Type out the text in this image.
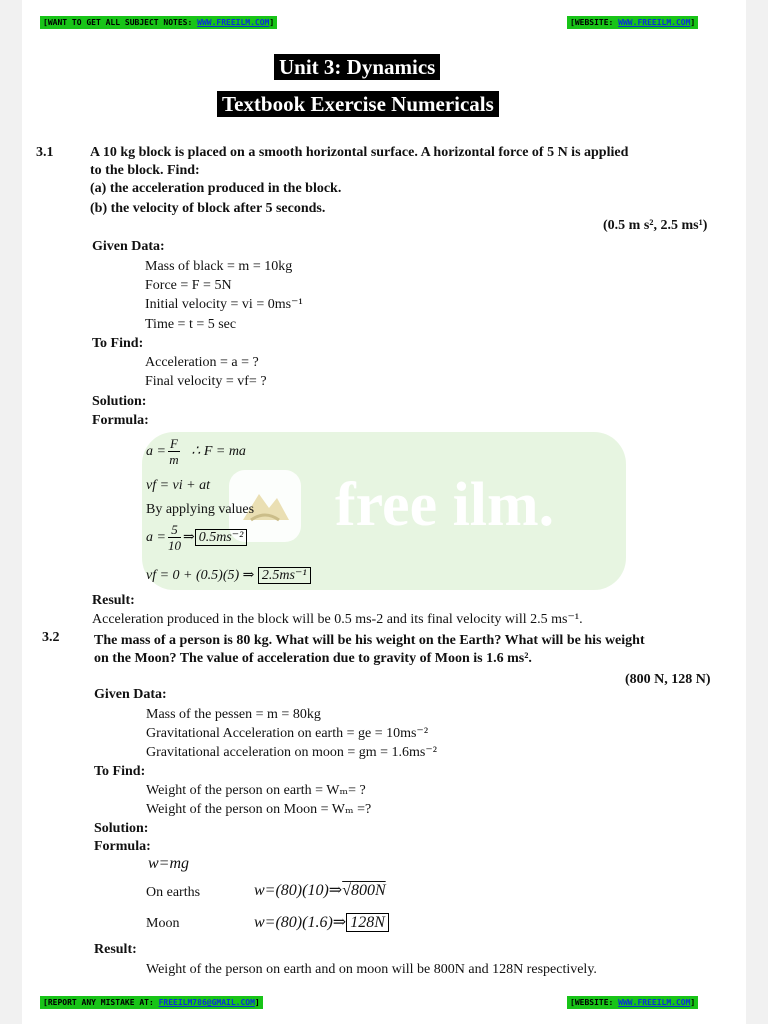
free ilm.
[WANT TO GET ALL SUBJECT NOTES: WWW.FREEILM.COM]	[WEBSITE: WWW.FREEILM.COM]
Unit 3: Dynamics
Textbook Exercise Numericals
3.1	A 10 kg block is placed on a smooth horizontal surface. A horizontal force of 5 N is applied
to the block. Find:
(a) the acceleration produced in the block.
(b) the velocity of block after 5 seconds.
(0.5 m s², 2.5 ms¹)
Given Data:
Mass of black = m = 10kg
Force = F = 5N
Initial velocity = vi = 0ms⁻¹
Time = t = 5 sec
To Find:
Acceleration = a = ?
Final velocity = vf= ?
Solution:
Formula:
$a = \frac{F}{m}$ ∴ F = ma
vf = vi + at
By applying values
$a = \frac{5}{10}$ ⇒ 0.5ms⁻²
vf = 0 + (0.5)(5) ⇒ 2.5ms⁻¹
Result:
Acceleration produced in the block will be 0.5 ms-2 and its final velocity will 2.5 ms⁻¹.
3.2 The mass of a person is 80 kg. What will be his weight on the Earth? What will be his weight
on the Moon? The value of acceleration due to gravity of Moon is 1.6 ms².
(800 N, 128 N)
Given Data:
Mass of the pessen = m = 80kg
Gravitational Acceleration on earth = ge = 10ms⁻²
Gravitational acceleration on moon = gm = 1.6ms⁻²
To Find:
Weight of the person on earth = Wₘ= ?
Weight of the person on Moon = Wₘ =?
Solution:
Formula:
w=mg
On earths	w=(80)(10)⇒√800N
Moon	w=(80)(1.6)⇒ 128N
Result:
Weight of the person on earth and on moon will be 800N and 128N respectively.
[REPORT ANY MISTAKE AT: FREEILM786@GMAIL.COM]	[WEBSITE: WWW.FREEILM.COM]
